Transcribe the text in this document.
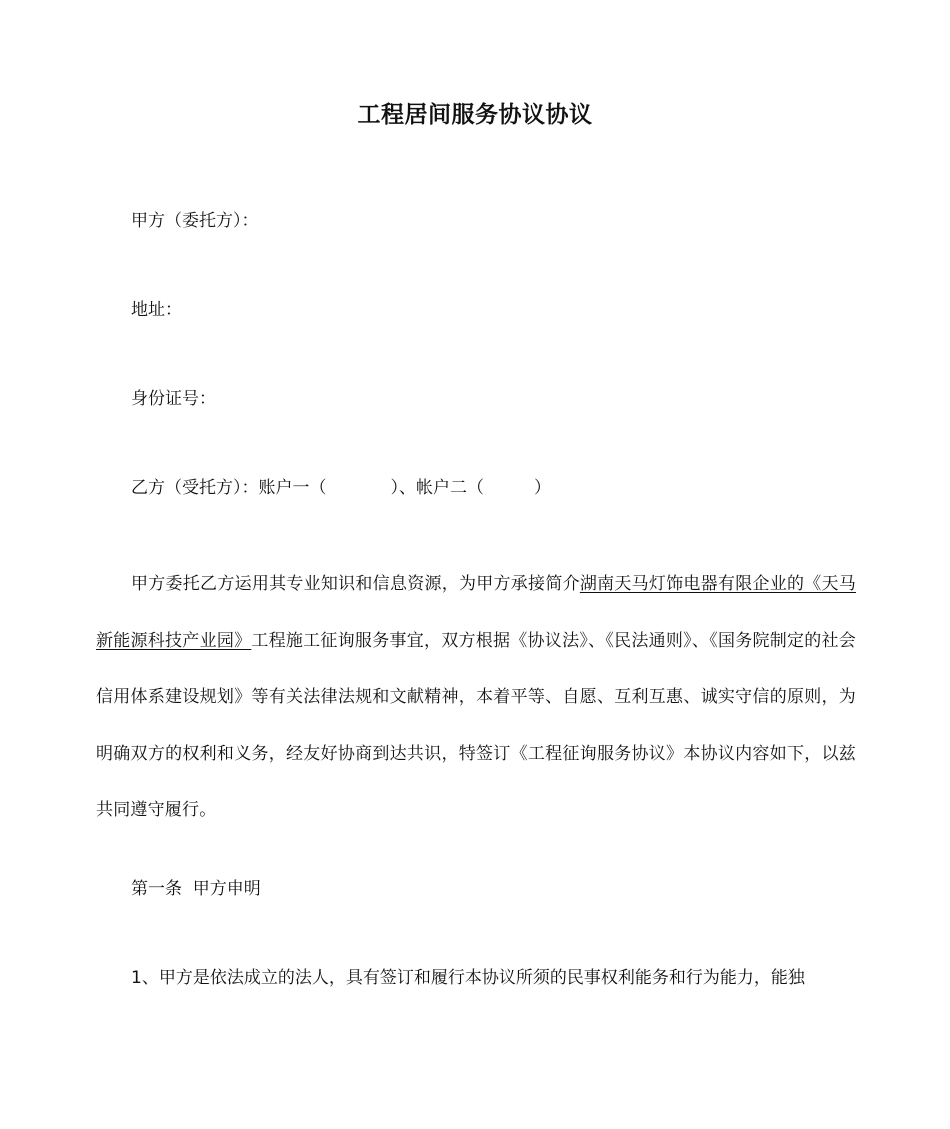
工程居间服务协议协议
甲方（委托方）：
地址：
身份证号：
乙方（受托方）：账户一（	）、帐户二（	）
甲方委托乙方运用其专业知识和信息资源，为甲方承接简介湖南天马灯饰电器有限企业的《天马新能源科技产业园》工程施工征询服务事宜，双方根据《协议法》、《民法通则》、《国务院制定的社会信用体系建设规划》等有关法律法规和文献精神，本着平等、自愿、互利互惠、诚实守信的原则，为明确双方的权利和义务，经友好协商到达共识，特签订《工程征询服务协议》本协议内容如下，以兹共同遵守履行。
第一条  甲方申明
1、甲方是依法成立的法人，具有签订和履行本协议所须的民事权利能务和行为能力，能独
